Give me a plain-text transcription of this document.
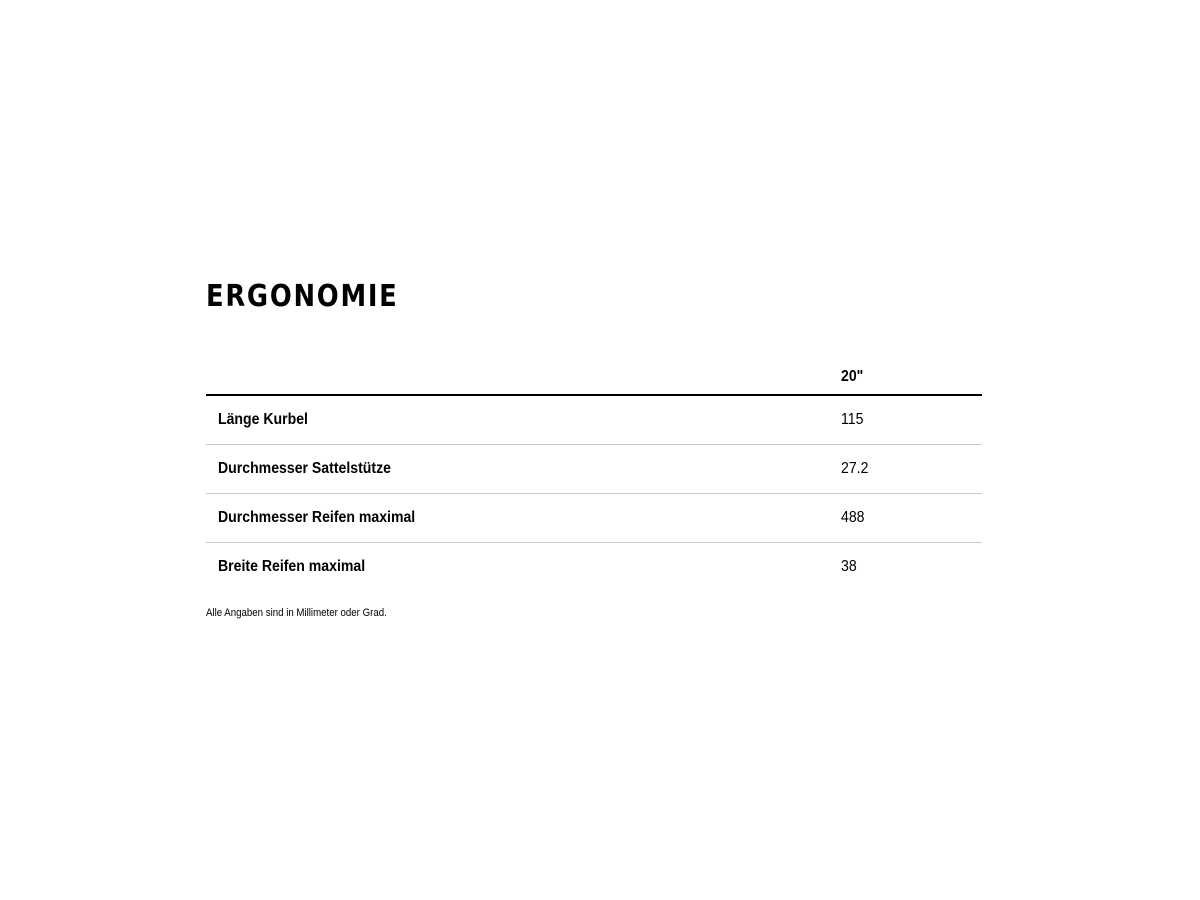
ERGONOMIE
	20"
Länge Kurbel	115
Durchmesser Sattelstütze	27.2
Durchmesser Reifen maximal	488
Breite Reifen maximal	38
Alle Angaben sind in Millimeter oder Grad.
